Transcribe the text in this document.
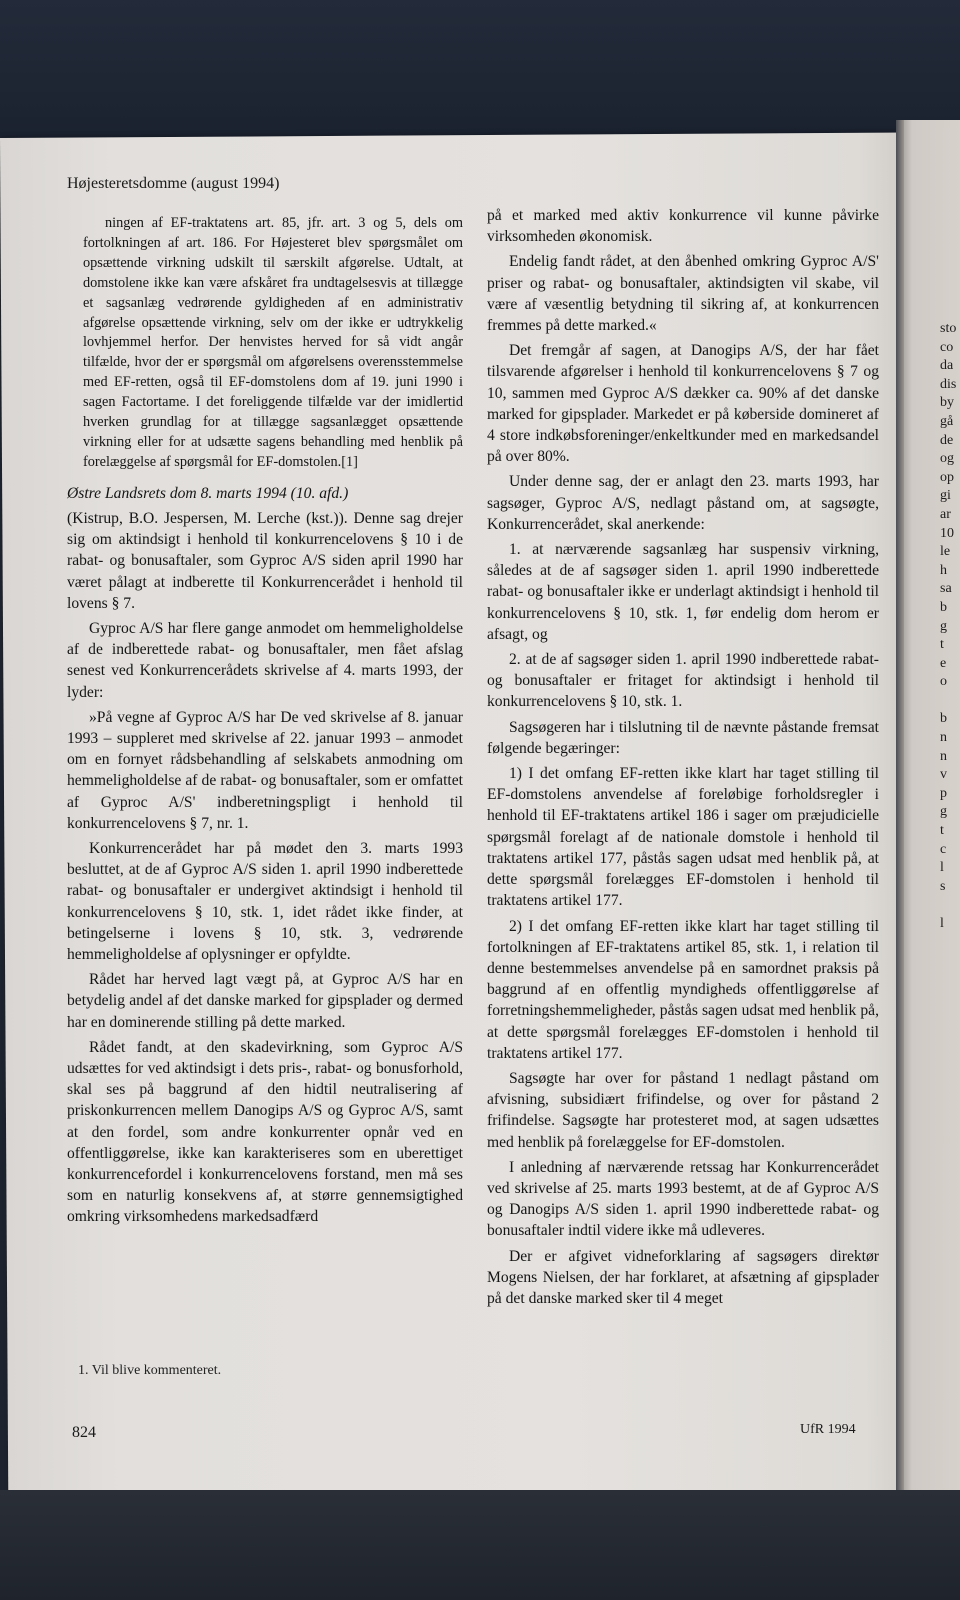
sto
co
da
dis
by
gå
de
og
op
gi
ar
10
le
h
sa
b
g
t
e
o

b
n
n
v
p
g
t
c
l
s

l
Højesteretsdomme (august 1994)

ningen af EF-traktatens art. 85, jfr. art. 3 og 5, dels om fortolkningen af art. 186. For Højesteret blev spørgsmålet om opsættende virkning udskilt til særskilt afgørelse. Udtalt, at domstolene ikke kan være afskåret fra undtagelsesvis at tillægge et sagsanlæg vedrørende gyldigheden af en administrativ afgørelse opsættende virkning, selv om der ikke er udtrykkelig lovhjemmel herfor. Der henvistes herved for så vidt angår tilfælde, hvor der er spørgsmål om afgørelsens overensstemmelse med EF-retten, også til EF-domstolens dom af 19. juni 1990 i sagen Factortame. I det foreliggende tilfælde var der imidlertid hverken grundlag for at tillægge sagsanlægget opsættende virkning eller for at udsætte sagens behandling med henblik på forelæggelse af spørgsmål for EF-domstolen.[1]

Østre Landsrets dom 8. marts 1994 (10. afd.)

(Kistrup, B.O. Jespersen, M. Lerche (kst.)). Denne sag drejer sig om aktindsigt i henhold til konkurrencelovens § 10 i de rabat- og bonusaftaler, som Gyproc A/S siden april 1990 har været pålagt at indberette til Konkurrencerådet i henhold til lovens § 7.

Gyproc A/S har flere gange anmodet om hemmeligholdelse af de indberettede rabat- og bonusaftaler, men fået afslag senest ved Konkurrencerådets skrivelse af 4. marts 1993, der lyder:

»På vegne af Gyproc A/S har De ved skrivelse af 8. januar 1993 – suppleret med skrivelse af 22. januar 1993 – anmodet om en fornyet rådsbehandling af selskabets anmodning om hemmeligholdelse af de rabat- og bonusaftaler, som er omfattet af Gyproc A/S' indberetningspligt i henhold til konkurrencelovens § 7, nr. 1.

Konkurrencerådet har på mødet den 3. marts 1993 besluttet, at de af Gyproc A/S siden 1. april 1990 indberettede rabat- og bonusaftaler er undergivet aktindsigt i henhold til konkurrencelovens § 10, stk. 1, idet rådet ikke finder, at betingelserne i lovens § 10, stk. 3, vedrørende hemmeligholdelse af oplysninger er opfyldte.

Rådet har herved lagt vægt på, at Gyproc A/S har en betydelig andel af det danske marked for gipsplader og dermed har en dominerende stilling på dette marked.

Rådet fandt, at den skadevirkning, som Gyproc A/S udsættes for ved aktindsigt i dets pris-, rabat- og bonusforhold, skal ses på baggrund af den hidtil neutralisering af priskonkurrencen mellem Danogips A/S og Gyproc A/S, samt at den fordel, som andre konkurrenter opnår ved en offentliggørelse, ikke kan karakteriseres som en uberettiget konkurrencefordel i konkurrencelovens forstand, men må ses som en naturlig konsekvens af, at større gennemsigtighed omkring virksomhedens markedsadfærd

på et marked med aktiv konkurrence vil kunne påvirke virksomheden økonomisk.

Endelig fandt rådet, at den åbenhed omkring Gyproc A/S' priser og rabat- og bonusaftaler, aktindsigten vil skabe, vil være af væsentlig betydning til sikring af, at konkurrencen fremmes på dette marked.«

Det fremgår af sagen, at Danogips A/S, der har fået tilsvarende afgørelser i henhold til konkurrencelovens § 7 og 10, sammen med Gyproc A/S dækker ca. 90% af det danske marked for gipsplader. Markedet er på køberside domineret af 4 store indkøbsforeninger/enkeltkunder med en markedsandel på over 80%.

Under denne sag, der er anlagt den 23. marts 1993, har sagsøger, Gyproc A/S, nedlagt påstand om, at sagsøgte, Konkurrencerådet, skal anerkende:

1. at nærværende sagsanlæg har suspensiv virkning, således at de af sagsøger siden 1. april 1990 indberettede rabat- og bonusaftaler ikke er underlagt aktindsigt i henhold til konkurrencelovens § 10, stk. 1, før endelig dom herom er afsagt, og

2. at de af sagsøger siden 1. april 1990 indberettede rabat- og bonusaftaler er fritaget for aktindsigt i henhold til konkurrencelovens § 10, stk. 1.

Sagsøgeren har i tilslutning til de nævnte påstande fremsat følgende begæringer:

1) I det omfang EF-retten ikke klart har taget stilling til EF-domstolens anvendelse af foreløbige forholdsregler i henhold til EF-traktatens artikel 186 i sager om præjudicielle spørgsmål forelagt af de nationale domstole i henhold til traktatens artikel 177, påstås sagen udsat med henblik på, at dette spørgsmål forelægges EF-domstolen i henhold til traktatens artikel 177.

2) I det omfang EF-retten ikke klart har taget stilling til fortolkningen af EF-traktatens artikel 85, stk. 1, i relation til denne bestemmelses anvendelse på en samordnet praksis på baggrund af en offentlig myndigheds offentliggørelse af forretningshemmeligheder, påstås sagen udsat med henblik på, at dette spørgsmål forelægges EF-domstolen i henhold til traktatens artikel 177.

Sagsøgte har over for påstand 1 nedlagt påstand om afvisning, subsidiært frifindelse, og over for påstand 2 frifindelse. Sagsøgte har protesteret mod, at sagen udsættes med henblik på forelæggelse for EF-domstolen.

I anledning af nærværende retssag har Konkurrencerådet ved skrivelse af 25. marts 1993 bestemt, at de af Gyproc A/S og Danogips A/S siden 1. april 1990 indberettede rabat- og bonusaftaler indtil videre ikke må udleveres.

Der er afgivet vidneforklaring af sagsøgers direktør Mogens Nielsen, der har forklaret, at afsætning af gipsplader på det danske marked sker til 4 meget

1. Vil blive kommenteret.
824	UfR 1994
